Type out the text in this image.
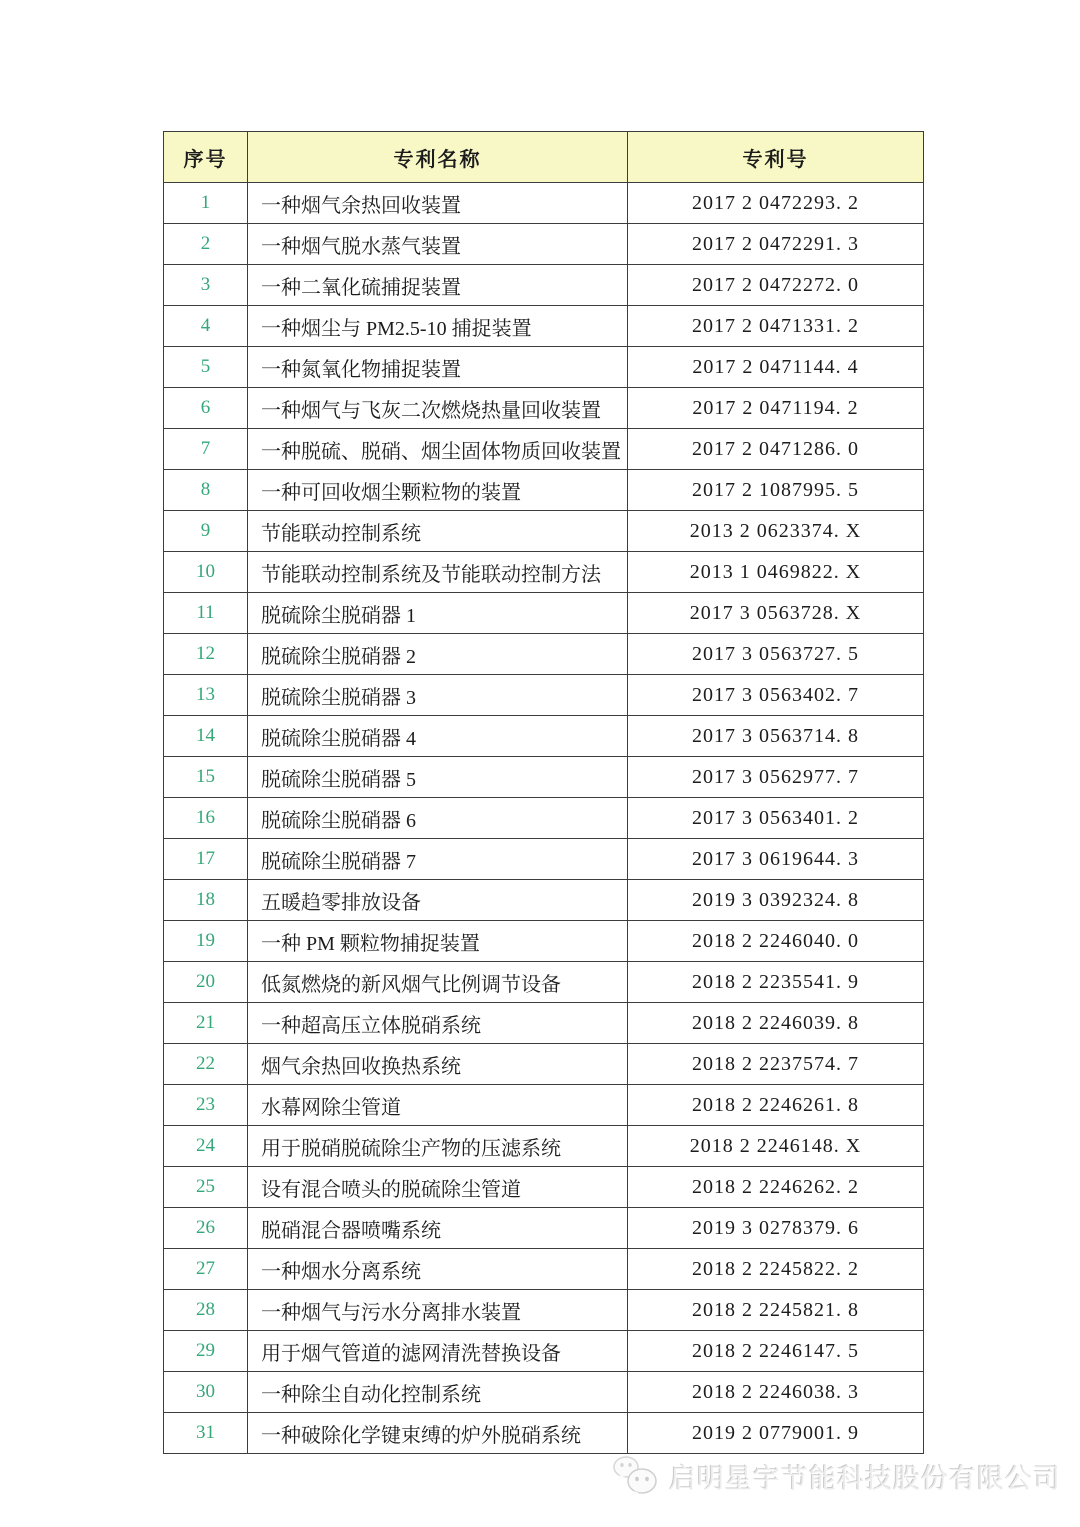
序号	专利名称	专利号
1	一种烟气余热回收装置	2017 2 0472293. 2
2	一种烟气脱水蒸气装置	2017 2 0472291. 3
3	一种二氧化硫捕捉装置	2017 2 0472272. 0
4	一种烟尘与 PM2.5-10 捕捉装置	2017 2 0471331. 2
5	一种氮氧化物捕捉装置	2017 2 0471144. 4
6	一种烟气与飞灰二次燃烧热量回收装置	2017 2 0471194. 2
7	一种脱硫、脱硝、烟尘固体物质回收装置	2017 2 0471286. 0
8	一种可回收烟尘颗粒物的装置	2017 2 1087995. 5
9	节能联动控制系统	2013 2 0623374. X
10	节能联动控制系统及节能联动控制方法	2013 1 0469822. X
11	脱硫除尘脱硝器 1	2017 3 0563728. X
12	脱硫除尘脱硝器 2	2017 3 0563727. 5
13	脱硫除尘脱硝器 3	2017 3 0563402. 7
14	脱硫除尘脱硝器 4	2017 3 0563714. 8
15	脱硫除尘脱硝器 5	2017 3 0562977. 7
16	脱硫除尘脱硝器 6	2017 3 0563401. 2
17	脱硫除尘脱硝器 7	2017 3 0619644. 3
18	五暖趋零排放设备	2019 3 0392324. 8
19	一种 PM 颗粒物捕捉装置	2018 2 2246040. 0
20	低氮燃烧的新风烟气比例调节设备	2018 2 2235541. 9
21	一种超高压立体脱硝系统	2018 2 2246039. 8
22	烟气余热回收换热系统	2018 2 2237574. 7
23	水幕网除尘管道	2018 2 2246261. 8
24	用于脱硝脱硫除尘产物的压滤系统	2018 2 2246148. X
25	设有混合喷头的脱硫除尘管道	2018 2 2246262. 2
26	脱硝混合器喷嘴系统	2019 3 0278379. 6
27	一种烟水分离系统	2018 2 2245822. 2
28	一种烟气与污水分离排水装置	2018 2 2245821. 8
29	用于烟气管道的滤网清洗替换设备	2018 2 2246147. 5
30	一种除尘自动化控制系统	2018 2 2246038. 3
31	一种破除化学键束缚的炉外脱硝系统	2019 2 0779001. 9
启明星宇节能科技股份有限公司
